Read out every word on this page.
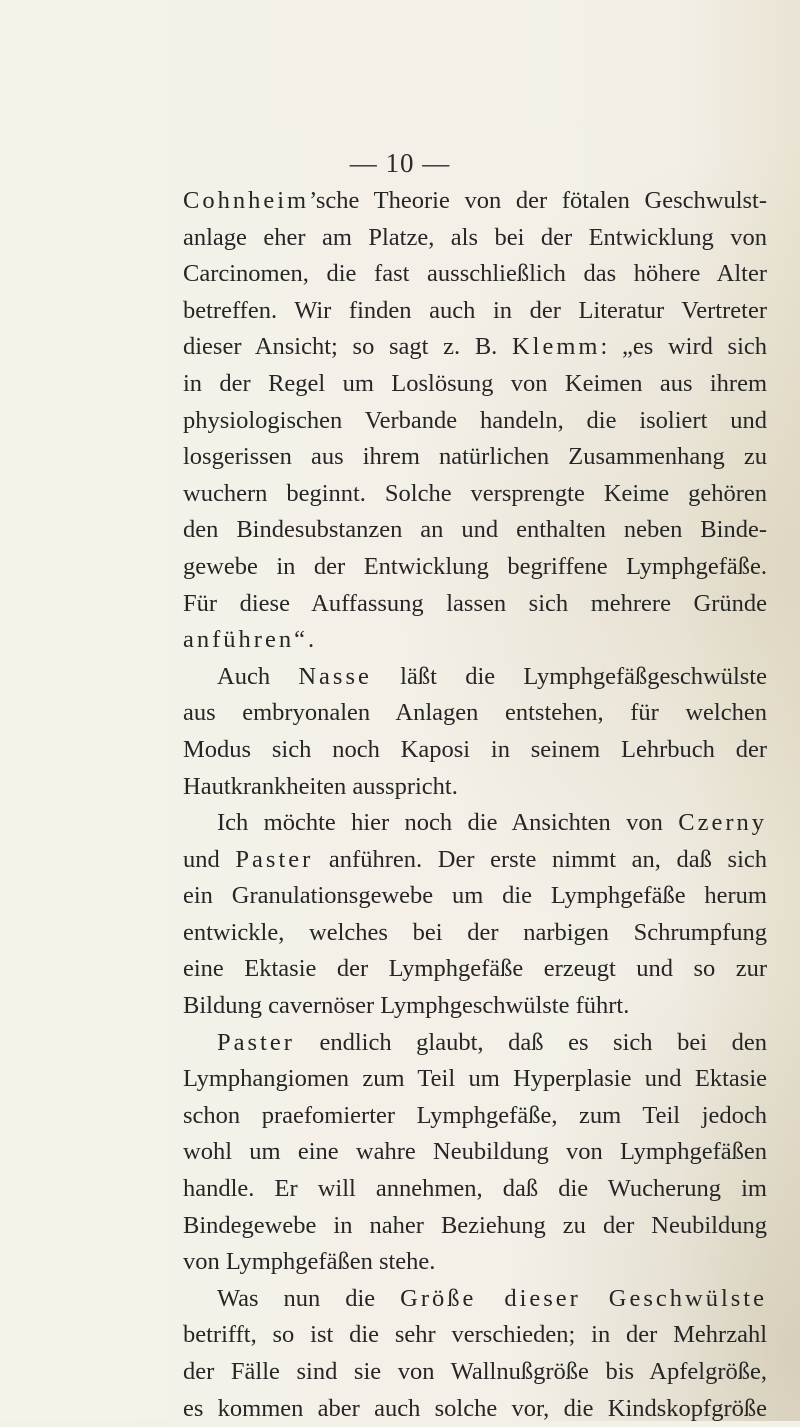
— 10 —
Cohnheim’sche Theorie von der fötalen Geschwulst-
anlage eher am Platze, als bei der Entwicklung von
Carcinomen, die fast ausschließlich das höhere Alter
betreffen. Wir finden auch in der Literatur Vertreter
dieser Ansicht; so sagt z. B. Klemm: „es wird sich
in der Regel um Loslösung von Keimen aus ihrem
physiologischen Verbande handeln, die isoliert und
losgerissen aus ihrem natürlichen Zusammenhang zu
wuchern beginnt. Solche versprengte Keime gehören
den Bindesubstanzen an und enthalten neben Binde-
gewebe in der Entwicklung begriffene Lymphgefäße.
Für diese Auffassung lassen sich mehrere Gründe
anführen“.
Auch Nasse läßt die Lymphgefäßgeschwülste
aus embryonalen Anlagen entstehen, für welchen
Modus sich noch Kaposi in seinem Lehrbuch der
Hautkrankheiten ausspricht.
Ich möchte hier noch die Ansichten von Czerny
und Paster anführen. Der erste nimmt an, daß sich
ein Granulationsgewebe um die Lymphgefäße herum
entwickle, welches bei der narbigen Schrumpfung
eine Ektasie der Lymphgefäße erzeugt und so zur
Bildung cavernöser Lymphgeschwülste führt.
Paster endlich glaubt, daß es sich bei den
Lymphangiomen zum Teil um Hyperplasie und Ektasie
schon praefomierter Lymphgefäße, zum Teil jedoch
wohl um eine wahre Neubildung von Lymphgefäßen
handle. Er will annehmen, daß die Wucherung im
Bindegewebe in naher Beziehung zu der Neubildung
von Lymphgefäßen stehe.
Was nun die Größe dieser Geschwülste
betrifft, so ist die sehr verschieden; in der Mehrzahl
der Fälle sind sie von Wallnußgröße bis Apfelgröße,
es kommen aber auch solche vor, die Kindskopfgröße
